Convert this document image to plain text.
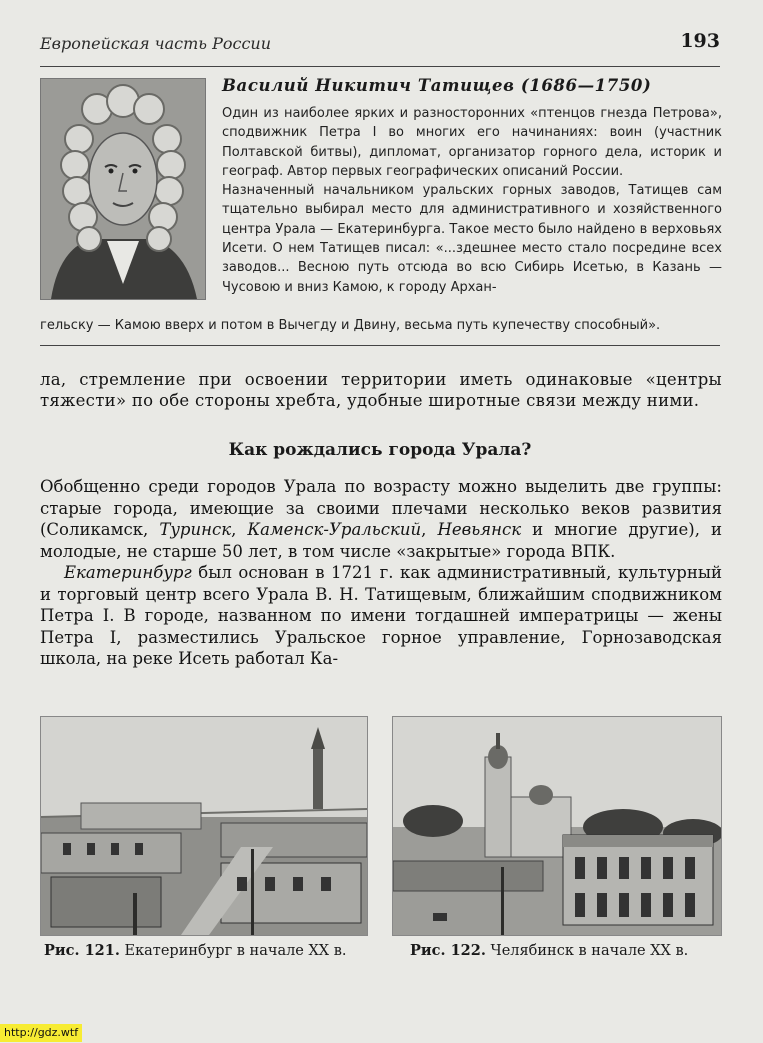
Европейская часть России	193
Василий Никитич Татищев (1686—1750)

Один из наиболее ярких и разносторонних «птенцов гнезда Петрова», сподвижник Петра I во многих его начинаниях: воин (участник Полтавской битвы), дипломат, организатор горного дела, историк и географ. Автор первых географических описаний России.

Назначенный начальником уральских горных заводов, Татищев сам тщательно выбирал место для административного и хозяйственного центра Урала — Екатеринбурга. Такое место было найдено в верховьях Исети. О нем Татищев писал: «...здешнее место стало посредине всех заводов... Весною путь отсюда во всю Сибирь Исетью, в Казань — Чусовою и вниз Камою, к городу Архан-

гельску — Камою вверх и потом в Вычегду и Двину, весьма путь купечеству способный».
ла, стремление при освоении территории иметь одинаковые «центры тяжести» по обе стороны хребта, удобные широтные связи между ними.
Как рождались города Урала?

Обобщенно среди городов Урала по возрасту можно выделить две группы: старые города, имеющие за своими плечами несколько веков развития (Соликамск, Туринск, Каменск-Уральский, Невьянск и многие другие), и молодые, не старше 50 лет, в том числе «закрытые» города ВПК.

Екатеринбург был основан в 1721 г. как административный, культурный и торговый центр всего Урала В. Н. Татищевым, ближайшим сподвижником Петра I. В городе, названном по имени тогдашней императрицы — жены Петра I, разместились Уральское горное управление, Горнозаводская школа, на реке Исеть работал Ка-

Рис. 121. Екатеринбург в начале XX в.	Рис. 122. Челябинск в начале XX в.
http://gdz.wtf
